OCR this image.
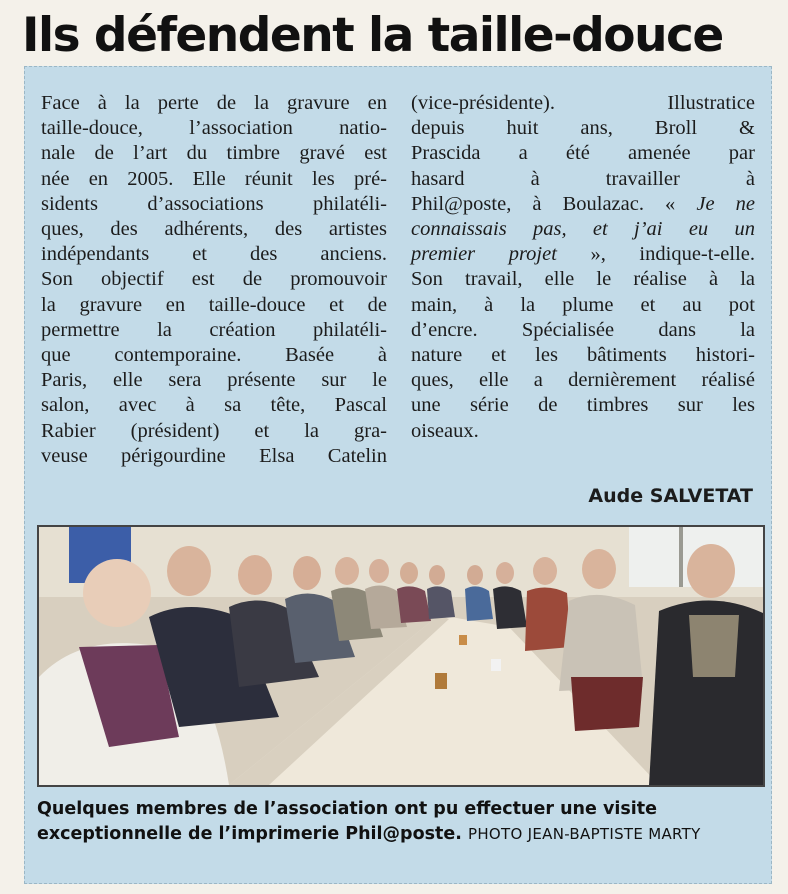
Ils défendent la taille-douce
Face à la perte de la gravure en
taille-douce, l’association natio-
nale de l’art du timbre gravé est
née en 2005. Elle réunit les pré-
sidents d’associations philatéli-
ques, des adhérents, des artistes
indépendants et des anciens.
Son objectif est de promouvoir
la gravure en taille-douce et de
permettre la création philatéli-
que contemporaine. Basée à
Paris, elle sera présente sur le
salon, avec à sa tête, Pascal
Rabier (président) et la gra-
veuse périgourdine Elsa Catelin
(vice-présidente). Illustratice
depuis huit ans, Broll &
Prascida a été amenée par
hasard à travailler à
Phil@poste, à Boulazac. « Je ne
connaissais pas, et j’ai eu un
premier projet », indique-t-elle.
Son travail, elle le réalise à la
main, à la plume et au pot
d’encre. Spécialisée dans la
nature et les bâtiments histori-
ques, elle a dernièrement réalisé
une série de timbres sur les
oiseaux.
Aude SALVETAT
Quelques membres de l’association ont pu effectuer une visite
exceptionnelle de l’imprimerie Phil@poste. PHOTO JEAN-BAPTISTE MARTY
